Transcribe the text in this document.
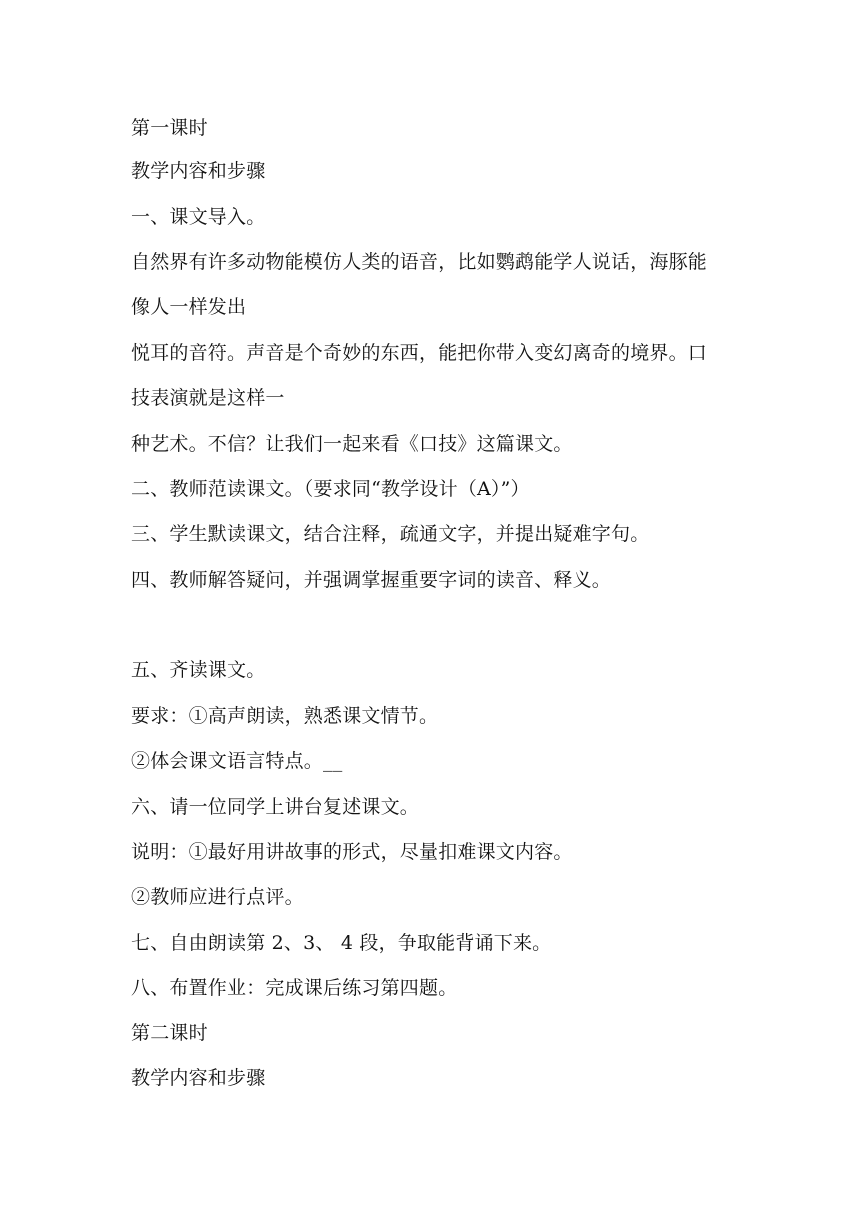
第一课时
教学内容和步骤
一、课文导入。
自然界有许多动物能模仿人类的语音，比如鹦鹉能学人说话，海豚能
像人一样发出
悦耳的音符。声音是个奇妙的东西，能把你带入变幻离奇的境界。口
技表演就是这样一
种艺术。不信？让我们一起来看《口技》这篇课文。
二、教师范读课文。（要求同“教学设计（A）”）
三、学生默读课文，结合注释，疏通文字，并提出疑难字句。
四、教师解答疑问，并强调掌握重要字词的读音、释义。
五、齐读课文。
要求：①高声朗读，熟悉课文情节。
②体会课文语言特点。__
六、请一位同学上讲台复述课文。
说明：①最好用讲故事的形式，尽量扣难课文内容。
②教师应进行点评。
七、自由朗读第 2、3、 4 段，争取能背诵下来。
八、布置作业：完成课后练习第四题。
第二课时
教学内容和步骤
